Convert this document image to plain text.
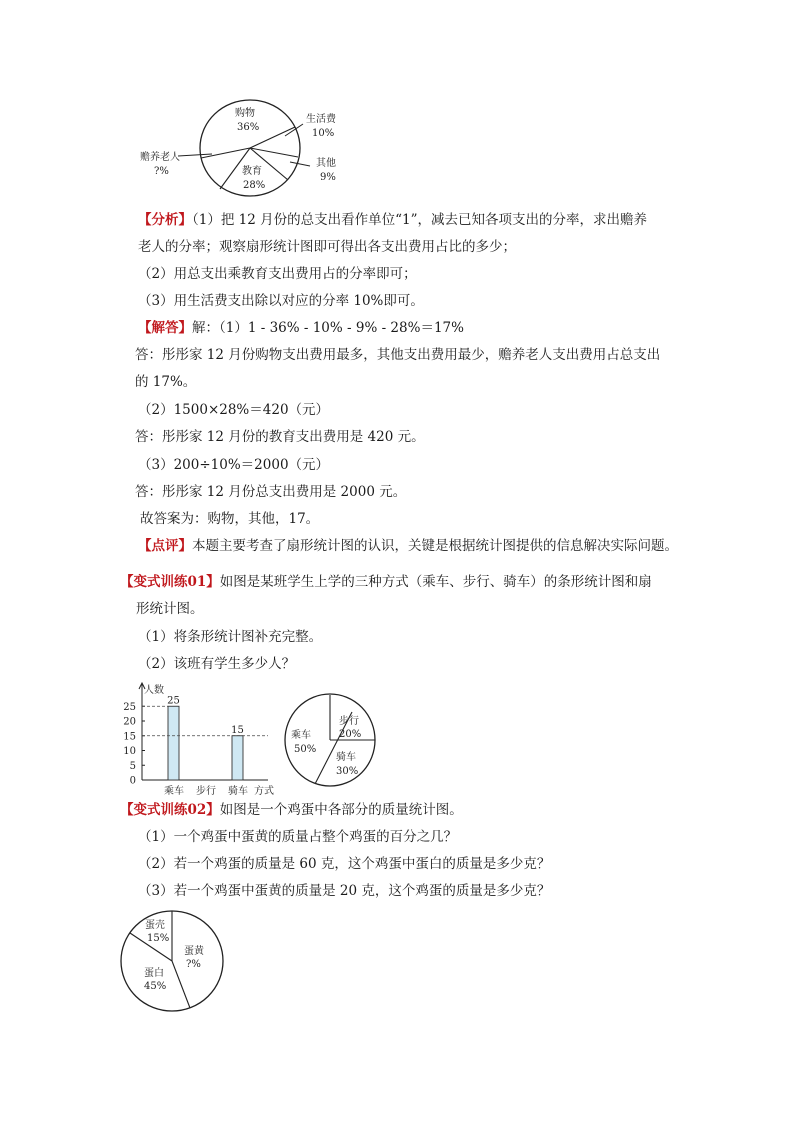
购物
36%
生活费
10%
其他
9%
教育
28%
赡养老人
?%
【分析】（1）把 12 月份的总支出看作单位“1”，减去已知各项支出的分率，求出赡养
老人的分率；观察扇形统计图即可得出各支出费用占比的多少；
（2）用总支出乘教育支出费用占的分率即可；
（3）用生活费支出除以对应的分率 10%即可。
【解答】解：（1）1 - 36% - 10% - 9% - 28%＝17%
答：彤彤家 12 月份购物支出费用最多，其他支出费用最少，赡养老人支出费用占总支出
的 17%。
（2）1500×28%＝420（元）
答：彤彤家 12 月份的教育支出费用是 420 元。
（3）200÷10%＝2000（元）
答：彤彤家 12 月份总支出费用是 2000 元。
故答案为：购物，其他，17。
【点评】本题主要考查了扇形统计图的认识，关键是根据统计图提供的信息解决实际问题。
【变式训练01】如图是某班学生上学的三种方式（乘车、步行、骑车）的条形统计图和扇
形统计图。
（1）将条形统计图补充完整。
（2）该班有学生多少人？
人数
0
5
10
15
20
25
乘车
25
步行 骑车
15
方式
乘车
50%
步行
20%
骑车
30%
【变式训练02】如图是一个鸡蛋中各部分的质量统计图。
（1）一个鸡蛋中蛋黄的质量占整个鸡蛋的百分之几？
（2）若一个鸡蛋的质量是 60 克，这个鸡蛋中蛋白的质量是多少克？
（3）若一个鸡蛋中蛋黄的质量是 20 克，这个鸡蛋的质量是多少克？
蛋壳
15%
蛋黄
?%
蛋白
45%
